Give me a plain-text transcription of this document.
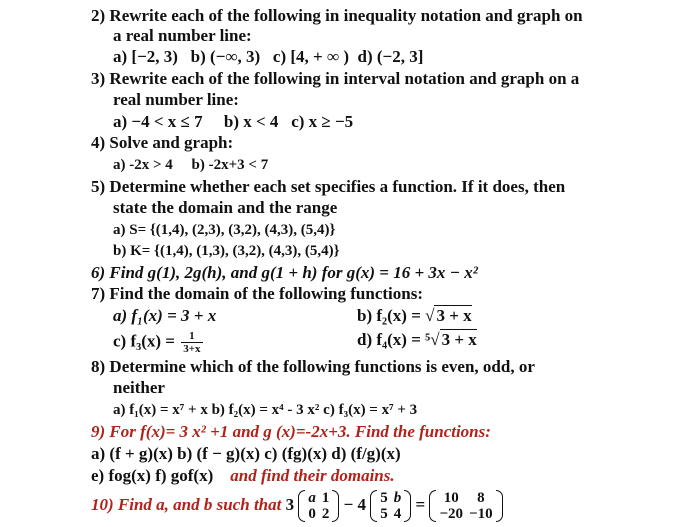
2) Rewrite each of the following in inequality notation and graph on
a real number line:
a) [−2, 3) b) (−∞, 3) c) [4, + ∞ ) d) (−2, 3]
3) Rewrite each of the following in interval notation and graph on a
real number line:
a) −4 < x ≤ 7 b) x < 4 c) x ≥ −5
4) Solve and graph:
a) -2x > 4 b) -2x+3 < 7
5) Determine whether each set specifies a function. If it does, then
state the domain and the range
a) S= {(1,4), (2,3), (3,2), (4,3), (5,4)}
b) K= {(1,4), (1,3), (3,2), (4,3), (5,4)}
6) Find g(1), 2g(h), and g(1 + h) for g(x) = 16 + 3x − x²
7) Find the domain of the following functions:
a) f₁(x) = 3 + x	b) f₂(x) = √ 3 + x
c) $f_3(x) = \frac{1}{3+x}$	d) f₄(x) = ⁵√ 3 + x
8) Determine which of the following functions is even, odd, or
neither
a) f₁(x) = x⁷ + x b) f₂(x) = x⁴ - 3 x² c) f₃(x) = x⁷ + 3
9) For f(x)= 3 x² +1 and g (x)=-2x+3. Find the functions:
a) (f + g)(x) b) (f − g)(x) c) (fg)(x) d) (f/g)(x)
e) fog(x) f) gof(x) and find their domains.
10) Find a, and b such that 3 a	1
0	2
− 4 5	b
5	4
= 10	8
−20	−10
